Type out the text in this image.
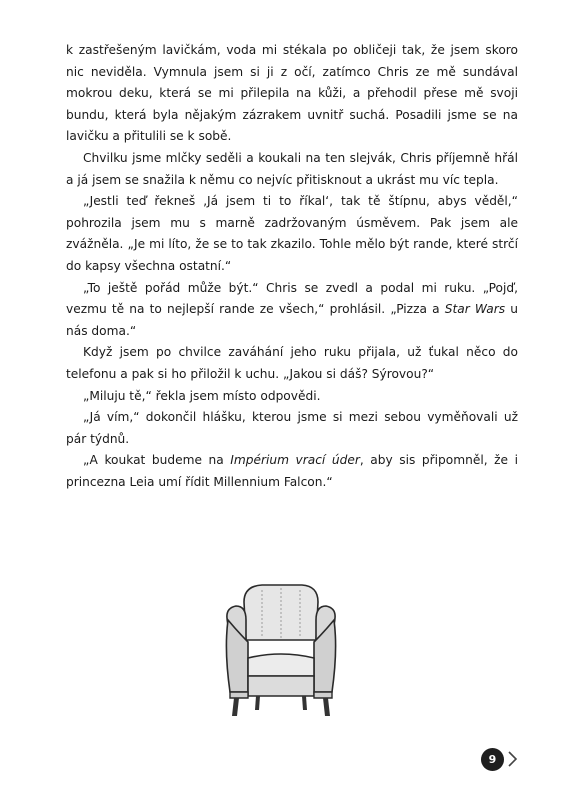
k zastřešeným lavičkám, voda mi stékala po obličeji tak, že jsem skoro nic neviděla. Vymnula jsem si ji z očí, zatímco Chris ze mě sundával mokrou deku, která se mi přilepila na kůži, a přehodil přese mě svoji bundu, která byla nějakým zázrakem uvnitř suchá. Posadili jsme se na lavičku a přitulili se k sobě.

Chvilku jsme mlčky seděli a koukali na ten slejvák, Chris příjemně hřál a já jsem se snažila k němu co nejvíc přitisknout a ukrást mu víc tepla.

„Jestli teď řekneš ‚Já jsem ti to říkal‘, tak tě štípnu, abys věděl,“ pohrozila jsem mu s marně zadržovaným úsměvem. Pak jsem ale zvážněla. „Je mi líto, že se to tak zkazilo. Tohle mělo být rande, které strčí do kapsy všechna ostatní.“

„To ještě pořád může být.“ Chris se zvedl a podal mi ruku. „Pojď, vezmu tě na to nejlepší rande ze všech,“ prohlásil. „Pizza a Star Wars u nás doma.“

Když jsem po chvilce zaváhání jeho ruku přijala, už ťukal něco do telefonu a pak si ho přiložil k uchu. „Jakou si dáš? Sýrovou?“

„Miluju tě,“ řekla jsem místo odpovědi.

„Já vím,“ dokončil hlášku, kterou jsme si mezi sebou vyměňovali už pár týdnů.

„A koukat budeme na Impérium vrací úder, aby sis připomněl, že i princezna Leia umí řídit Millennium Falcon.“

9
